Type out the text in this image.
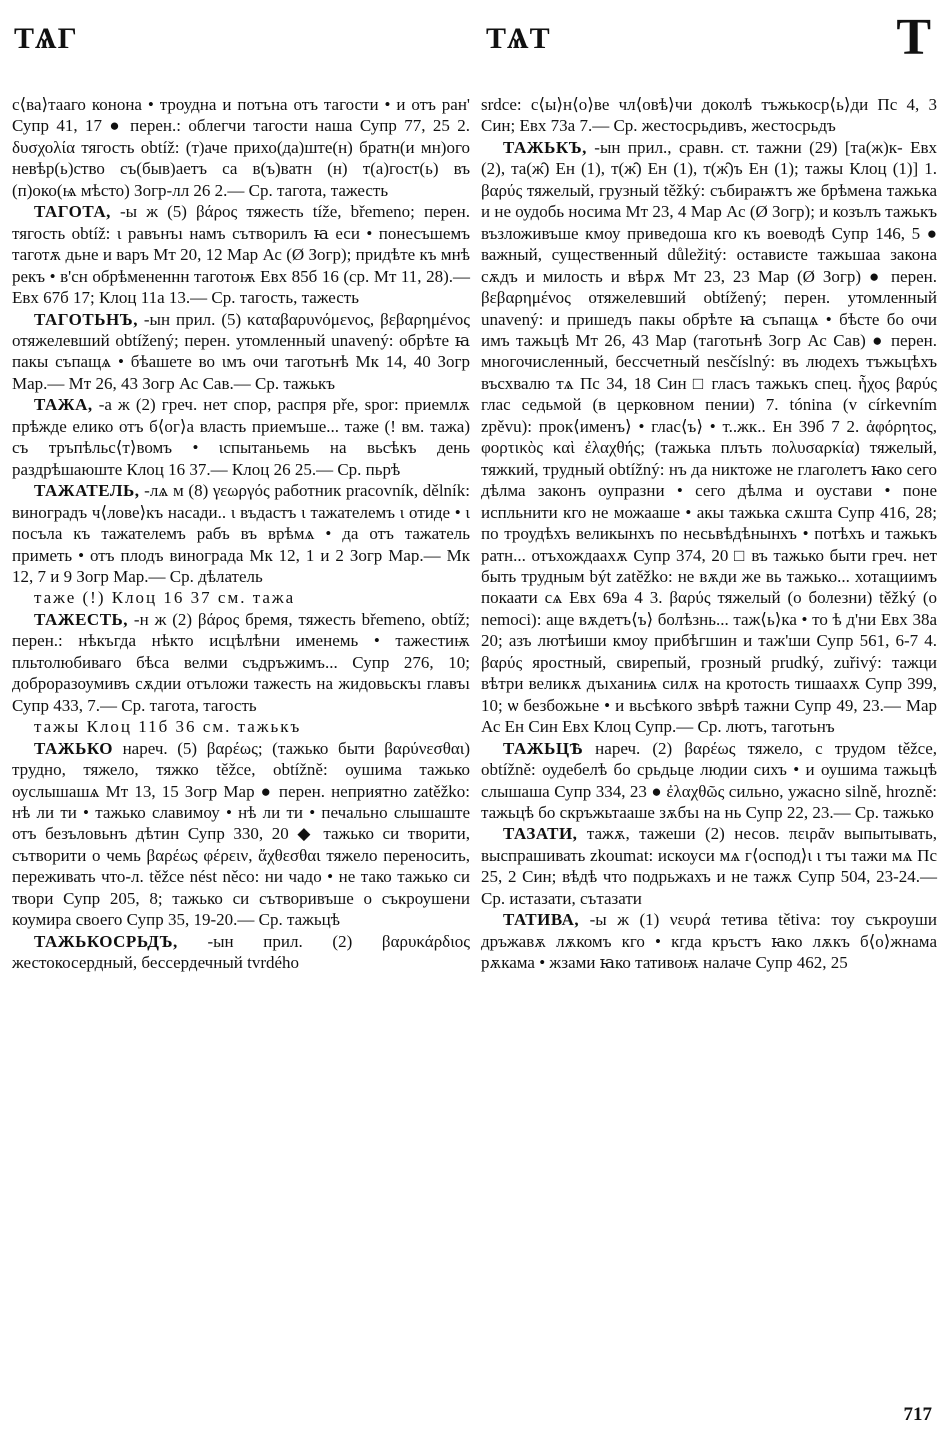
ТѦГ	ТѦТ	Т

с⟨ва⟩тааго конона • троудна и потъна отъ тагости • и отъ ран' Супр 41, 17 ● перен.: облегчи тагости наша Супр 77, 25 2. δυσχολία тягость obtíž: (т)аче прихо(да)ште(н) братн(и мн)ого невѣр(ь)ство съ(быв)аетъ са в(ъ)ватн (н) т(а)гост(ь) въ (п)око(ѩ мѣсто) Зогр-лл 26 2.— Ср. тагота, тажесть

ТАГОТА, -ы ж (5) βάρος тяжесть tíže, břemeno; перен. тягость obtíž: ι равънъı намъ сътворилъ ꙗ еси • понесъшемъ таготѫ дьне и варъ Мт 20, 12 Мар Ас (Ø Зогр); придѣте къ мнѣ рекъ • в'сн обрѣмененнн таготоѭ Евх 85б 16 (ср. Мт 11, 28).— Евх 67б 17; Клоц 11а 13.— Ср. тагость, тажесть

ТАГОТЬНЪ, -ын прил. (5) καταβαρυνόμενος, βεβαρημένος отяжелевший obtížený; перен. утомленный unavený: обрѣте ꙗ пакы съпащѧ • бѣашете во ιмъ очи таготьнѣ Мк 14, 40 Зогр Мар.— Мт 26, 43 Зогр Ас Сав.— Ср. тажькъ

ТАЖА, -а ж (2) греч. нет спор, распря pře, spor: приемлѫ прѣжде елико отъ б⟨ог⟩а власть приемъше... таже (! вм. тажа) съ тръпѣльс⟨т⟩вомъ • ιспытаньемь на вьсѣкъ день раздрѣшаюште Клоц 16 37.— Клоц 26 25.— Ср. пьрѣ

ТАЖАТЕЛЬ, -лѧ м (8) γεωργός работник pracovník, dělník: виноградъ ч⟨лове⟩къ насади.. ι въдастъ ι тажателемъ ι отиде • ι посъла къ тажателемъ рабъ въ врѣмѧ • да отъ тажатель приметь • отъ плодъ винограда Мк 12, 1 и 2 Зогр Мар.— Мк 12, 7 и 9 Зогр Мар.— Ср. дѣлатель

таже (!) Клоц 16 37 см. тажа

ТАЖЕСТЬ, -н ж (2) βάρος бремя, тяжесть břemeno, obtíž; перен.: нѣкъгда нѣкто исцѣлѣни именемь • тажестиѭ пльтолюбиваго бѣса велми съдръжимъ... Супр 276, 10; доброразоумивъ сѫдии отъложи тажесть на жидовьскъı главъı Супр 433, 7.— Ср. тагота, тагость

тажы Клоц 11б 36 см. тажькъ

ТАЖЬКО нареч. (5) βαρέως; (тажько быти βαρύνεσθαι) трудно, тяжело, тяжко těžce, obtížně: оушима тажько оуслышашѧ Мт 13, 15 Зогр Мар ● перен. неприятно zatěžko: нѣ ли ти • тажько славимоу • нѣ ли ти • печально слышаште отъ безъловьнъ дѣтин Супр 330, 20 ◆ тажько си творити, сътворити о чемь βαρέως φέρειν, ἄχθεσθαι тяжело переносить, переживать что-л. těžce nést něco: ни чадо • не тако тажько си твори Супр 205, 8; тажько си сътворивъше о съкроушени коумира своего Супр 35, 19-20.— Ср. тажьцѣ

ТАЖЬКОСРЬДЪ, -ын прил. (2) βαρυκάρδιος жестокосердный, бессердечный tvrdého

srdce: с⟨ы⟩н⟨о⟩ве чл⟨овѣ⟩чи доколѣ тъжькоср⟨ь⟩ди Пс 4, 3 Син; Евх 73а 7.— Ср. жестосрьдивъ, жестосрьдъ

ТАЖЬКЪ, -ын прил., сравн. ст. тажни (29) [та(ж)к- Евх (2), та(ж̑) Ен (1), т(ж̑) Ен (1), т(ж̑)ъ Ен (1); тажы Клоц (1)] 1. βαρύς тяжелый, грузный těžký: събираѭтъ же брѣмена тажька и не оудобь носима Мт 23, 4 Мар Ас (Ø Зогр); и козълъ тажькъ възложивъше кмоу приведоша кго къ воеводѣ Супр 146, 5 ● важный, существенный důležitý: остависте тажьшаа закона сѫдъ и милость и вѣрѫ Мт 23, 23 Мар (Ø Зогр) ● перен. βεβαρημένος отяжелевший obtížený; перен. утомленный unavený: и пришедъ пакы обрѣте ꙗ съпащѧ • бѣсте бо очи имъ тажьцѣ Мт 26, 43 Мар (таготьнѣ Зогр Ас Сав) ● перен. многочисленный, бессчетный nesčíslný: въ людехъ тъжьцѣхъ въсхвалю тѧ Пс 34, 18 Син □ гласъ тажькъ спец. ἦχος βαρύς глас седьмой (в церковном пении) 7. tónina (v církevním zpěvu): прок⟨именъ⟩ • глас⟨ъ⟩ • т..жк.. Ен 39б 7 2. ἀφόρητος, φορτικὸς καὶ ἐλαχθής; (тажька плъть πολυσαρκία) тяжелый, тяжкий, трудный obtížný: нъ да никтоже не глаголетъ ꙗко сего дѣлма законъ оупразни • сего дѣлма и оустави • поне испльнити кго не можааше • акы тажька сѫшта Супр 416, 28; по троудѣхъ великынхъ по несьвѣдѣнынхъ • потѣхъ и тажькъ ратн... отъхождаахѫ Супр 374, 20 □ въ тажько быти греч. нет быть трудным být zatěžko: не вѫди же вь тажько... хотащиимъ покаати сѧ Евх 69а 4 3. βαρύς тяжелый (о болезни) těžký (o nemoci): аще вѫдетъ⟨ъ⟩ болѣзнь... таж⟨ь⟩ка • то ѣ д'ни Евх 38а 20; азъ лютѣиши кмоу прибѣгшин и таж'ши Супр 561, 6-7 4. βαρύς яростный, свирепый, грозный prudký, zuřivý: тажци вѣтри великѫ дъıханиѩ силѫ на кротость тишаахѫ Супр 399, 10; ѡ безбожьне • и вьсѣкого звѣрѣ тажни Супр 49, 23.— Мар Ас Ен Син Евх Клоц Супр.— Ср. лютъ, таготьнъ

ТАЖЬЦѢ нареч. (2) βαρέως тяжело, с трудом těžce, obtížně: оудебелѣ бо срьдьце людии сихъ • и оушима тажьцѣ слышаша Супр 334, 23 ● ἐλαχθῶς сильно, ужасно silně, hrozně: тажьцѣ бо скръжьтааше зѫбъı на нь Супр 22, 23.— Ср. тажько

ТАЗАТИ, тажѫ, тажеши (2) несов. πειρᾶν выпытывать, выспрашивать zkoumat: искоуси мѧ г⟨оспод⟩ι ι тъı тажи мѧ Пс 25, 2 Син; вѣдѣ что подрьжахъ и не тажѫ Супр 504, 23-24.— Ср. истазати, сътазати

ТАТИВА, -ы ж (1) νευρά тетива tětiva: тоу съкроуши дръжавѫ лѫкомъ кго • кгда кръстъ ꙗко лѫкъ б⟨о⟩жнама рѫкама • жзами ꙗко тативоѭ налаче Супр 462, 25

717
